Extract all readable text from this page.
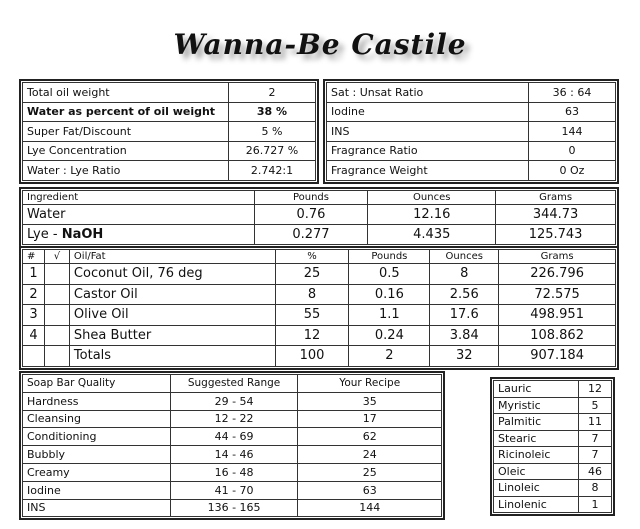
Wanna-Be Castile
Total oil weight	2
Water as percent of oil weight	38 %
Super Fat/Discount	5 %
Lye Concentration	26.727 %
Water : Lye Ratio	2.742:1
Sat : Unsat Ratio	36 : 64
Iodine	63
INS	144
Fragrance Ratio	0
Fragrance Weight	0 Oz
Ingredient	Pounds	Ounces	Grams
Water	0.76	12.16	344.73
Lye - NaOH	0.277	4.435	125.743
#	√	Oil/Fat	%	Pounds	Ounces	Grams
1		Coconut Oil, 76 deg	25	0.5	8	226.796
2		Castor Oil	8	0.16	2.56	72.575
3		Olive Oil	55	1.1	17.6	498.951
4		Shea Butter	12	0.24	3.84	108.862
		Totals	100	2	32	907.184
Soap Bar Quality	Suggested Range	Your Recipe
Hardness	29 - 54	35
Cleansing	12 - 22	17
Conditioning	44 - 69	62
Bubbly	14 - 46	24
Creamy	16 - 48	25
Iodine	41 - 70	63
INS	136 - 165	144
Lauric	12
Myristic	5
Palmitic	11
Stearic	7
Ricinoleic	7
Oleic	46
Linoleic	8
Linolenic	1
